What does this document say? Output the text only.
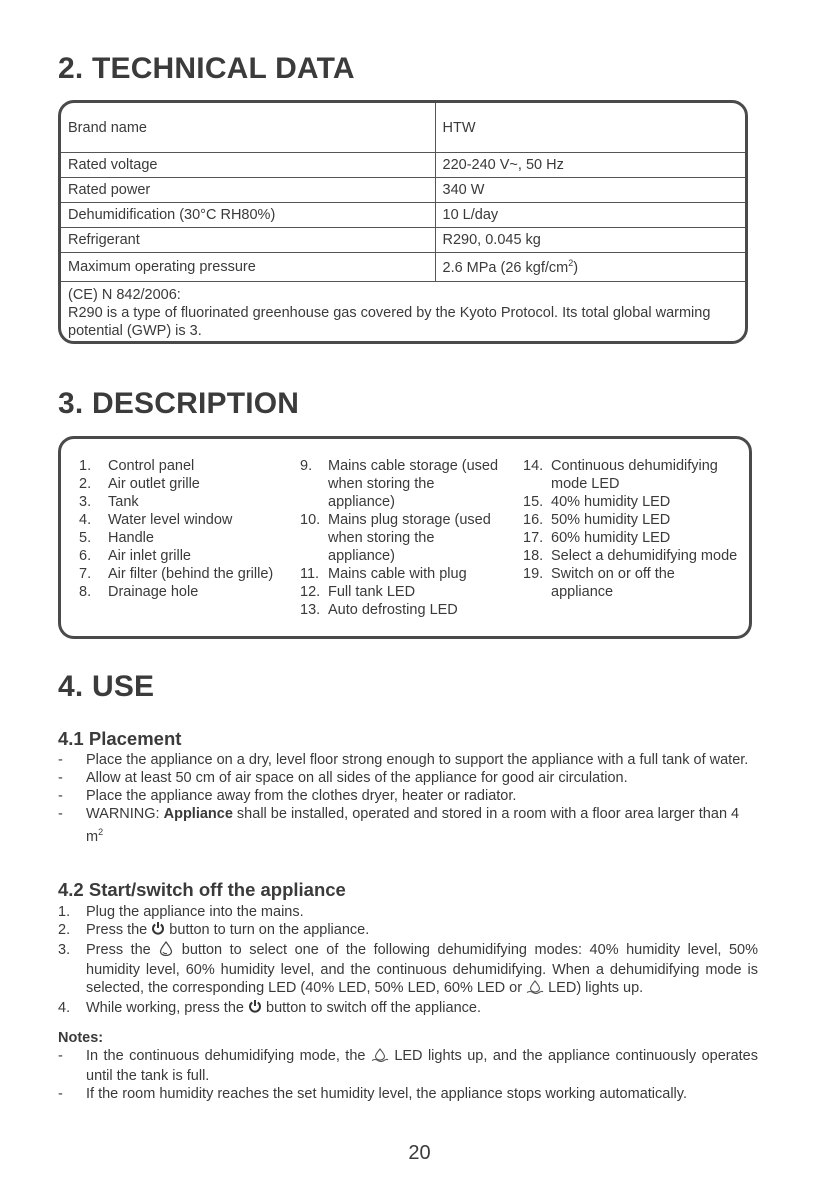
2. TECHNICAL DATA
Brand name	HTW
Rated voltage	220-240 V~, 50 Hz
Rated power	340 W
Dehumidification (30°C RH80%)	10 L/day
Refrigerant	R290, 0.045 kg
Maximum operating pressure	2.6 MPa (26 kgf/$cm^2$)
(CE) N 842/2006:
R290 is a type of fluorinated greenhouse gas covered by the Kyoto Protocol. Its total global warming potential (GWP) is 3.
3. DESCRIPTION
1.	Control panel
2.	Air outlet grille
3.	Tank
4.	Water level window
5.	Handle
6.	Air inlet grille
7.	Air filter (behind the grille)
8.	Drainage hole
9.	Mains cable storage (used when storing the appliance)
10. Mains plug storage (used when storing the appliance)
11. Mains cable with plug
12. Full tank LED
13. Auto defrosting LED
14. Continuous dehumidifying mode LED
15. 40% humidity LED
16. 50% humidity LED
17. 60% humidity LED
18. Select a dehumidifying mode
19. Switch on or off the appliance
4. USE
4.1 Placement
-	Place the appliance on a dry, level floor strong enough to support the appliance with a full tank of water.
-	Allow at least 50 cm of air space on all sides of the appliance for good air circulation.
-	Place the appliance away from the clothes dryer, heater or radiator.
-	WARNING: Appliance shall be installed, operated and stored in a room with a floor area larger than 4 $m^2$
4.2 Start/switch off the appliance
1.	Plug the appliance into the mains.
2.	Press the  button to turn on the appliance.
3.	Press the  button to select one of the following dehumidifying modes: 40% humidity level, 50% humidity level, 60% humidity level, and the continuous dehumidifying. When a dehumidifying mode is selected, the corresponding LED (40% LED, 50% LED, 60% LED or  LED) lights up.
4.	While working, press the  button to switch off the appliance.
Notes:
-	In the continuous dehumidifying mode, the  LED lights up, and the appliance continuously operates until the tank is full.
-	If the room humidity reaches the set humidity level, the appliance stops working automatically.
20
